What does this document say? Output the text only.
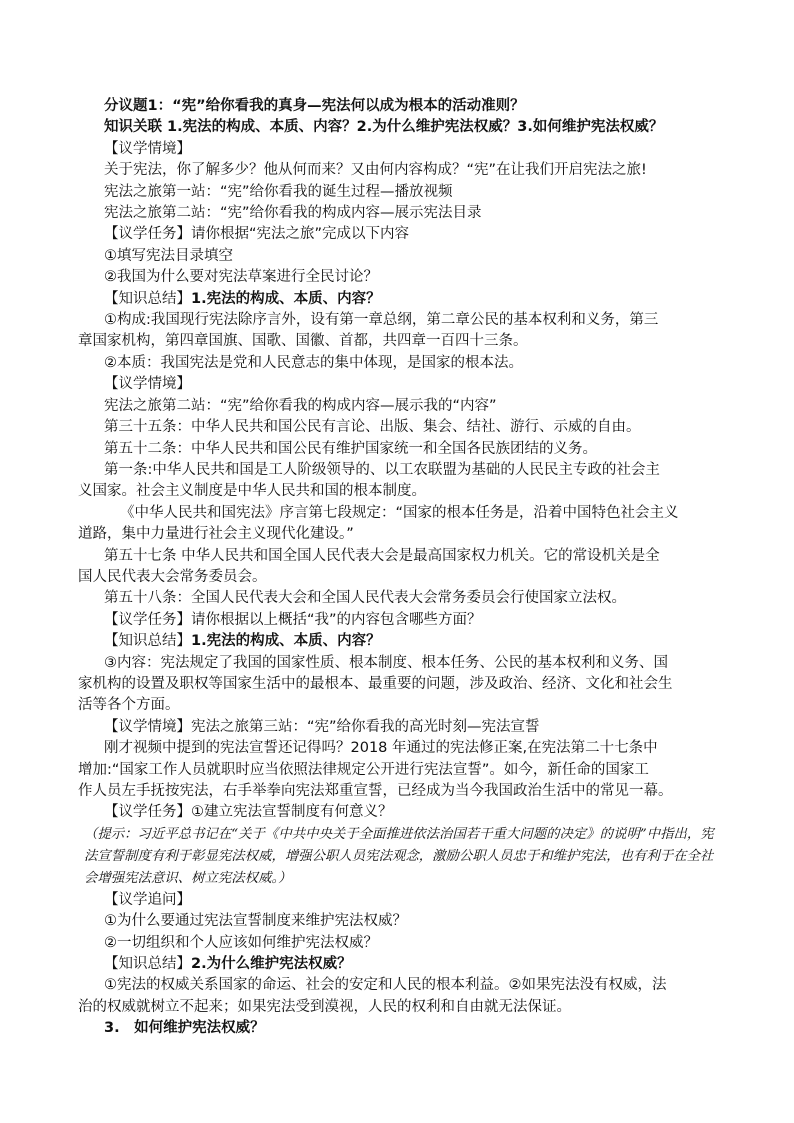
分议题1：“宪”给你看我的真身—宪法何以成为根本的活动准则？
知识关联 1.宪法的构成、本质、内容？2.为什么维护宪法权威？3.如何维护宪法权威？
【议学情境】
关于宪法，你了解多少？他从何而来？又由何内容构成？“宪”在让我们开启宪法之旅!
宪法之旅第一站：“宪”给你看我的诞生过程—播放视频
宪法之旅第二站：“宪”给你看我的构成内容—展示宪法目录
【议学任务】请你根据“宪法之旅”完成以下内容
①填写宪法目录填空
②我国为什么要对宪法草案进行全民讨论？
【知识总结】1.宪法的构成、本质、内容？
①构成:我国现行宪法除序言外，设有第一章总纲，第二章公民的基本权利和义务，第三
章国家机构，第四章国旗、国歌、国徽、首都，共四章一百四十三条。
②本质：我国宪法是党和人民意志的集中体现，是国家的根本法。
【议学情境】
宪法之旅第二站：“宪”给你看我的构成内容—展示我的“内容”
第三十五条：中华人民共和国公民有言论、出版、集会、结社、游行、示威的自由。
第五十二条：中华人民共和国公民有维护国家统一和全国各民族团结的义务。
第一条:中华人民共和国是工人阶级领导的、以工农联盟为基础的人民民主专政的社会主
义国家。社会主义制度是中华人民共和国的根本制度。
《中华人民共和国宪法》序言第七段规定：“国家的根本任务是，沿着中国特色社会主义
道路，集中力量进行社会主义现代化建设。”
第五十七条 中华人民共和国全国人民代表大会是最高国家权力机关。它的常设机关是全
国人民代表大会常务委员会。
第五十八条：全国人民代表大会和全国人民代表大会常务委员会行使国家立法权。
【议学任务】请你根据以上概括“我”的内容包含哪些方面？
【知识总结】1.宪法的构成、本质、内容？
③内容：宪法规定了我国的国家性质、根本制度、根本任务、公民的基本权利和义务、国
家机构的设置及职权等国家生活中的最根本、最重要的问题，涉及政治、经济、文化和社会生
活等各个方面。
【议学情境】宪法之旅第三站：“宪”给你看我的高光时刻—宪法宣誓
刚才视频中提到的宪法宣誓还记得吗？2018 年通过的宪法修正案,在宪法第二十七条中
增加:“国家工作人员就职时应当依照法律规定公开进行宪法宣誓”。如今，新任命的国家工
作人员左手抚按宪法，右手举拳向宪法郑重宣誓，已经成为当今我国政治生活中的常见一幕。
【议学任务】①建立宪法宣誓制度有何意义？
（提示：习近平总书记在“关于《中共中央关于全面推进依法治国若干重大问题的决定》的说明”中指出，宪法宣誓制度有利于彰显宪法权威，增强公职人员宪法观念，激励公职人员忠于和维护宪法，也有利于在全社会增强宪法意识、树立宪法权威。）
【议学追问】
①为什么要通过宪法宣誓制度来维护宪法权威？
②一切组织和个人应该如何维护宪法权威？
【知识总结】2.为什么维护宪法权威？
①宪法的权威关系国家的命运、社会的安定和人民的根本利益。②如果宪法没有权威，法
治的权威就树立不起来；如果宪法受到漠视，人民的权利和自由就无法保证。
3.　如何维护宪法权威？
